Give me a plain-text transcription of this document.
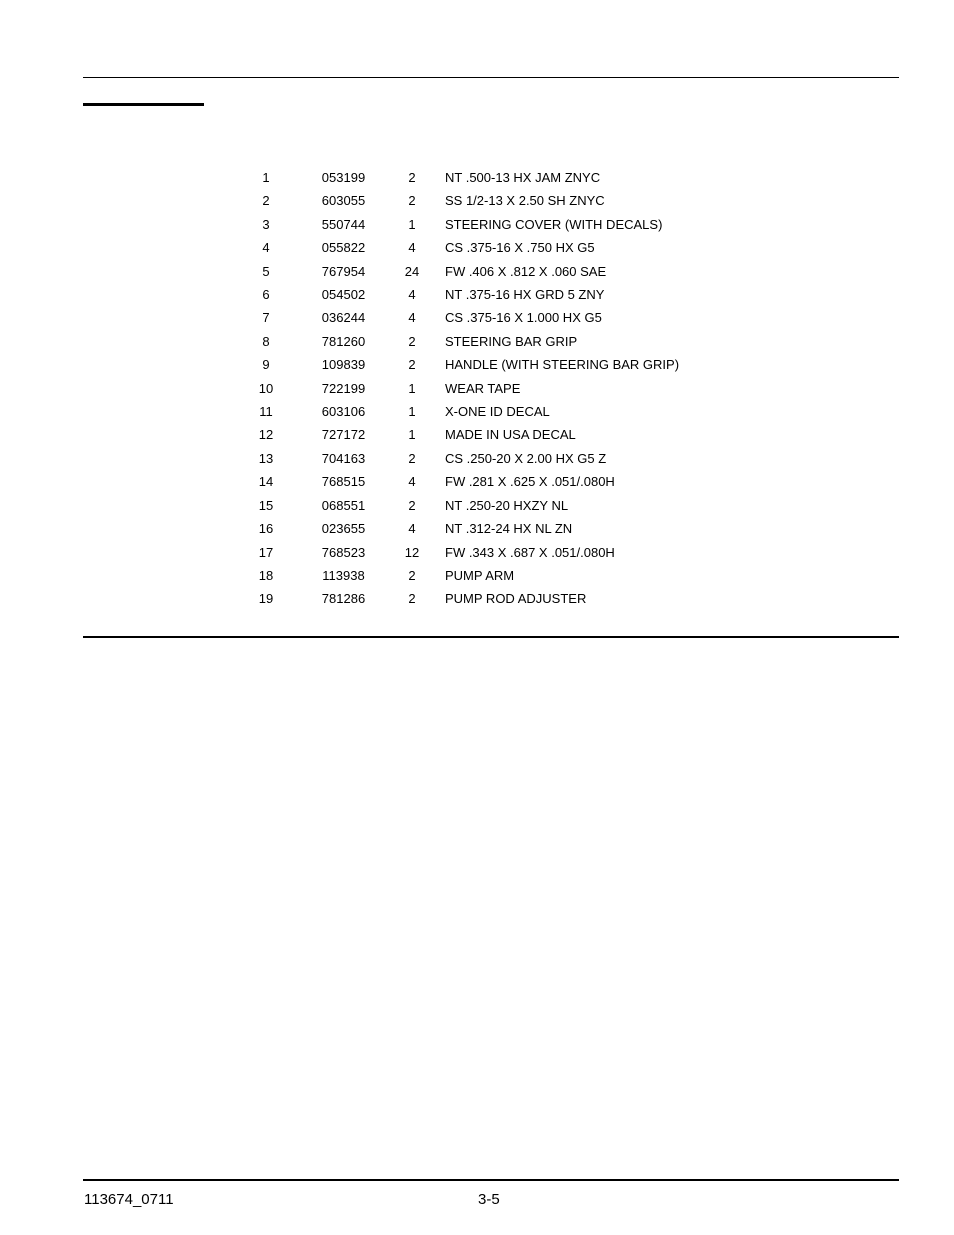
1	053199	2	NT .500-13 HX JAM ZNYC
2	603055	2	SS 1/2-13 X 2.50 SH ZNYC
3	550744	1	STEERING COVER (WITH DECALS)
4	055822	4	CS .375-16 X .750 HX G5
5	767954	24	FW .406 X .812 X .060 SAE
6	054502	4	NT .375-16 HX GRD 5 ZNY
7	036244	4	CS .375-16 X 1.000 HX G5
8	781260	2	STEERING BAR GRIP
9	109839	2	HANDLE (WITH STEERING BAR GRIP)
10	722199	1	WEAR TAPE
11	603106	1	X-ONE ID DECAL
12	727172	1	MADE IN USA DECAL
13	704163	2	CS .250-20 X 2.00 HX G5 Z
14	768515	4	FW .281 X .625 X .051/.080H
15	068551	2	NT .250-20 HXZY NL
16	023655	4	NT .312-24 HX NL ZN
17	768523	12	FW .343 X .687 X .051/.080H
18	113938	2	PUMP ARM
19	781286	2	PUMP ROD ADJUSTER
113674_0711	3-5
